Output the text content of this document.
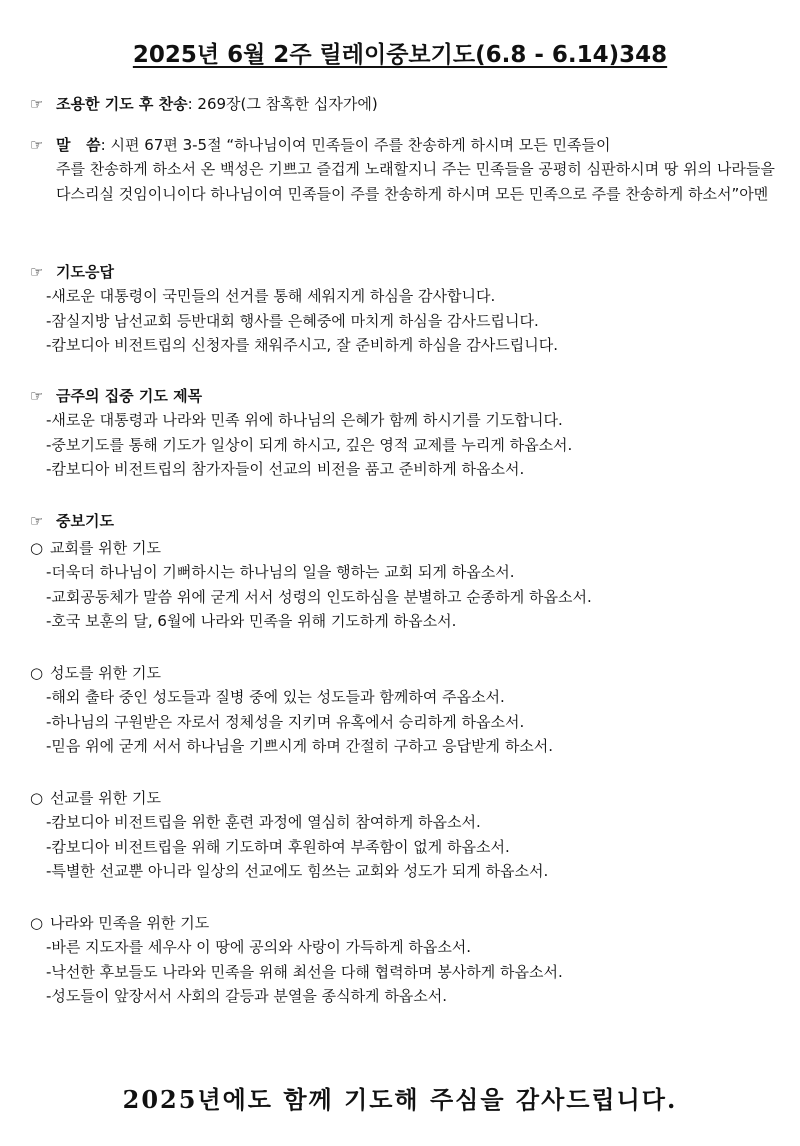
2025년 6월 2주 릴레이중보기도(6.8 - 6.14)348
☞ 조용한 기도 후 찬송: 269장(그 참혹한 십자가에)
☞ 말   씀: 시편 67편 3-5절 “하나님이여 민족들이 주를 찬송하게 하시며 모든 민족들이
주를 찬송하게 하소서 온 백성은 기쁘고 즐겁게 노래할지니 주는 민족들을 공평히 심판하시며 땅 위의 나라들을 다스리실 것임이니이다 하나님이여 민족들이 주를 찬송하게 하시며 모든 민족으로 주를 찬송하게 하소서”아멘
☞ 기도응답
-새로운 대통령이 국민들의 선거를 통해 세워지게 하심을 감사합니다.
-잠실지방 남선교회 등반대회 행사를 은혜중에 마치게 하심을 감사드립니다.
-캄보디아 비전트립의 신청자를 채워주시고, 잘 준비하게 하심을 감사드립니다.
☞ 금주의 집중 기도 제목
-새로운 대통령과 나라와 민족 위에 하나님의 은혜가 함께 하시기를 기도합니다.
-중보기도를 통해 기도가 일상이 되게 하시고, 깊은 영적 교제를 누리게 하옵소서.
-캄보디아 비전트립의 참가자들이 선교의 비전을 품고 준비하게 하옵소서.
☞ 중보기도
○ 교회를 위한 기도
-더욱더 하나님이 기뻐하시는 하나님의 일을 행하는 교회 되게 하옵소서.
-교회공동체가 말씀 위에 굳게 서서 성령의 인도하심을 분별하고 순종하게 하옵소서.
-호국 보훈의 달, 6월에 나라와 민족을 위해 기도하게 하옵소서.
○ 성도를 위한 기도
-해외 출타 중인 성도들과 질병 중에 있는 성도들과 함께하여 주옵소서.
-하나님의 구원받은 자로서 정체성을 지키며 유혹에서 승리하게 하옵소서.
-믿음 위에 굳게 서서 하나님을 기쁘시게 하며 간절히 구하고 응답받게 하소서.
○ 선교를 위한 기도
-캄보디아 비전트립을 위한 훈련 과정에 열심히 참여하게 하옵소서.
-캄보디아 비전트립을 위해 기도하며 후원하여 부족함이 없게 하옵소서.
-특별한 선교뿐 아니라 일상의 선교에도 힘쓰는 교회와 성도가 되게 하옵소서.
○ 나라와 민족을 위한 기도
-바른 지도자를 세우사 이 땅에 공의와 사랑이 가득하게 하옵소서.
-낙선한 후보들도 나라와 민족을 위해 최선을 다해 협력하며 봉사하게 하옵소서.
-성도들이 앞장서서 사회의 갈등과 분열을 종식하게 하옵소서.
2025년에도 함께 기도해 주심을 감사드립니다.
